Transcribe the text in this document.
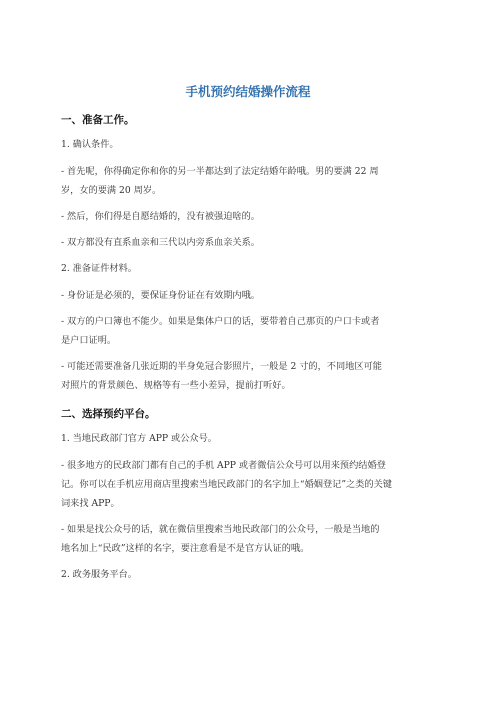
手机预约结婚操作流程
一、准备工作。
1. 确认条件。
- 首先呢，你得确定你和你的另一半都达到了法定结婚年龄哦。男的要满 22 周
岁，女的要满 20 周岁。
- 然后，你们得是自愿结婚的，没有被强迫啥的。
- 双方都没有直系血亲和三代以内旁系血亲关系。
2. 准备证件材料。
- 身份证是必须的，要保证身份证在有效期内哦。
- 双方的户口簿也不能少。如果是集体户口的话，要带着自己那页的户口卡或者
是户口证明。
- 可能还需要准备几张近期的半身免冠合影照片，一般是 2 寸的，不同地区可能
对照片的背景颜色、规格等有一些小差异，提前打听好。
二、选择预约平台。
1. 当地民政部门官方 APP 或公众号。
- 很多地方的民政部门都有自己的手机 APP 或者微信公众号可以用来预约结婚登
记。你可以在手机应用商店里搜索当地民政部门的名字加上“婚姻登记”之类的关键
词来找 APP。
- 如果是找公众号的话，就在微信里搜索当地民政部门的公众号，一般是当地的
地名加上“民政”这样的名字，要注意看是不是官方认证的哦。
2. 政务服务平台。
